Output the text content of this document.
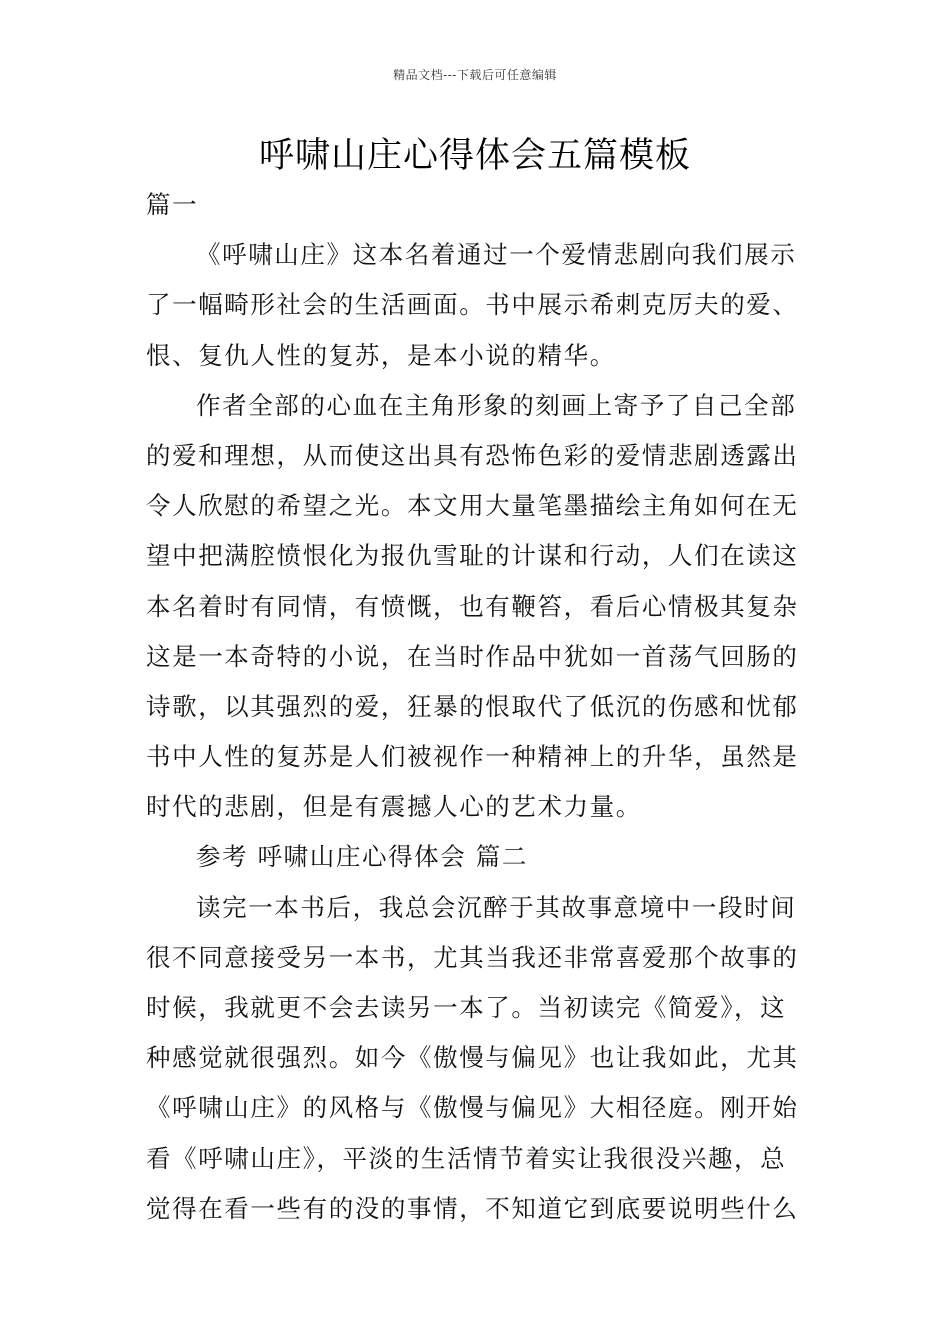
精品文档---下载后可任意编辑
呼啸山庄心得体会五篇模板
篇一
《呼啸山庄》这本名着通过一个爱情悲剧向我们展示
了一幅畸形社会的生活画面。书中展示希刺克厉夫的爱、
恨、复仇人性的复苏，是本小说的精华。
作者全部的心血在主角形象的刻画上寄予了自己全部
的爱和理想，从而使这出具有恐怖色彩的爱情悲剧透露出
令人欣慰的希望之光。本文用大量笔墨描绘主角如何在无
望中把满腔愤恨化为报仇雪耻的计谋和行动，人们在读这
本名着时有同情，有愤慨，也有鞭笞，看后心情极其复杂
这是一本奇特的小说，在当时作品中犹如一首荡气回肠的
诗歌，以其强烈的爱，狂暴的恨取代了低沉的伤感和忧郁
书中人性的复苏是人们被视作一种精神上的升华，虽然是
时代的悲剧，但是有震撼人心的艺术力量。
参考 呼啸山庄心得体会 篇二
读完一本书后，我总会沉醉于其故事意境中一段时间
很不同意接受另一本书，尤其当我还非常喜爱那个故事的
时候，我就更不会去读另一本了。当初读完《简爱》，这
种感觉就很强烈。如今《傲慢与偏见》也让我如此，尤其
《呼啸山庄》的风格与《傲慢与偏见》大相径庭。刚开始
看《呼啸山庄》，平淡的生活情节着实让我很没兴趣，总
觉得在看一些有的没的事情，不知道它到底要说明些什么
